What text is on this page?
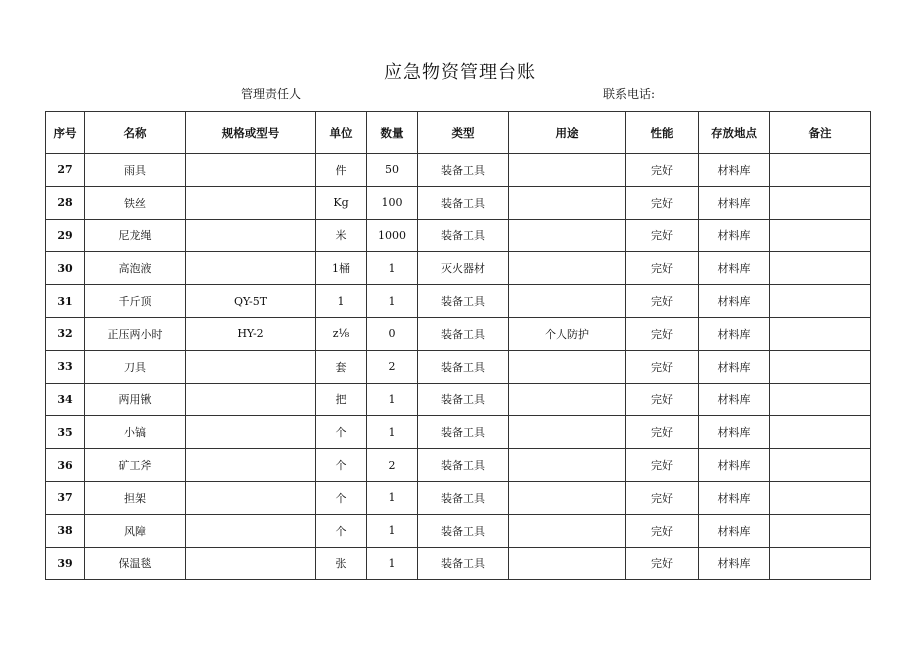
应急物资管理台账
管理责任人	联系电话:
序号	名称	规格或型号	单位	数量	类型	用途	性能	存放地点	备注
27	雨具		件	50	装备工具		完好	材料库	
28	铁丝		Kg	100	装备工具		完好	材料库	
29	尼龙绳		米	1000	装备工具		完好	材料库	
30	高泡液		1桶	1	灭火器材		完好	材料库	
31	千斤顶	QY-5T	1	1	装备工具		完好	材料库	
32	正压两小时	HY-2	z⅛	0	装备工具	个人防护	完好	材料库	
33	刀具		套	2	装备工具		完好	材料库	
34	两用锹		把	1	装备工具		完好	材料库	
35	小镐		个	1	装备工具		完好	材料库	
36	矿工斧		个	2	装备工具		完好	材料库	
37	担架		个	1	装备工具		完好	材料库	
38	风障		个	1	装备工具		完好	材料库	
39	保温毯		张	1	装备工具		完好	材料库	
